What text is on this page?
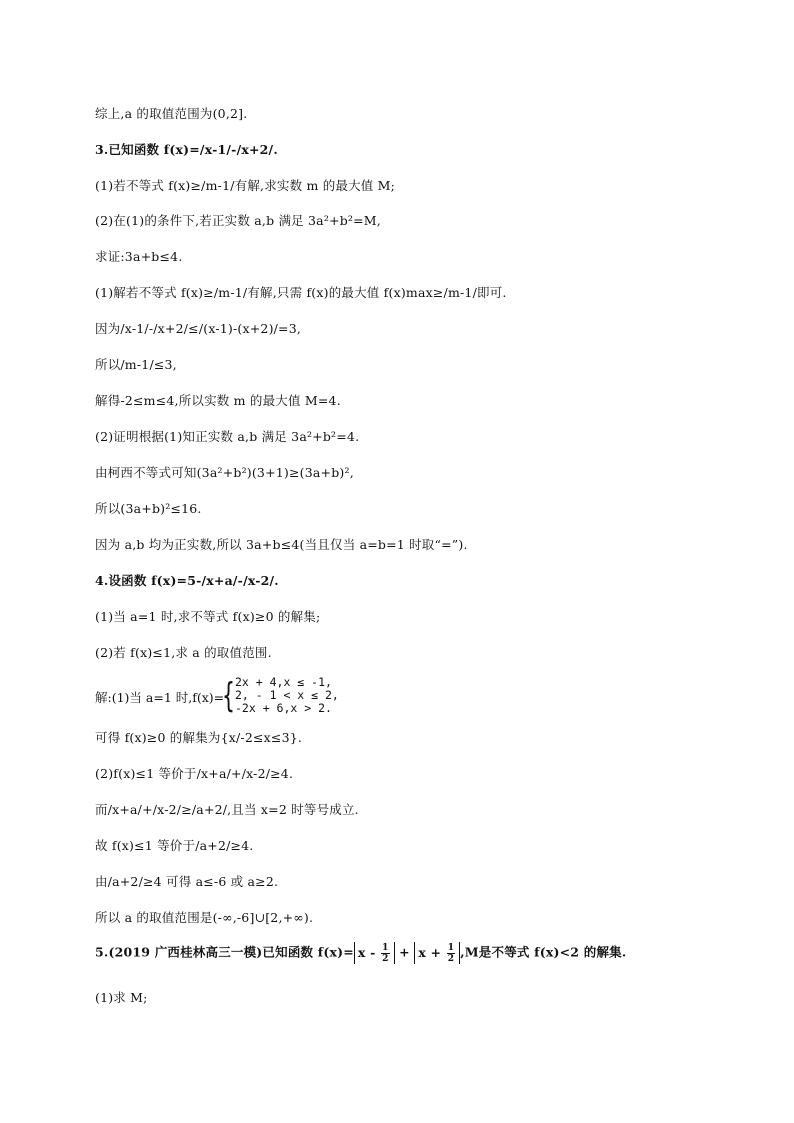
综上,a 的取值范围为(0,2].
3.已知函数 f(x)=/x-1/-/x+2/.
(1)若不等式 f(x)≥/m-1/有解,求实数 m 的最大值 M;
(2)在(1)的条件下,若正实数 a,b 满足 3a²+b²=M,
求证:3a+b≤4.
(1)解若不等式 f(x)≥/m-1/有解,只需 f(x)的最大值 f(x)max≥/m-1/即可.
因为/x-1/-/x+2/≤/(x-1)-(x+2)/=3,
所以/m-1/≤3,
解得-2≤m≤4,所以实数 m 的最大值 M=4.
(2)证明根据(1)知正实数 a,b 满足 3a²+b²=4.
由柯西不等式可知(3a²+b²)(3+1)≥(3a+b)²,
所以(3a+b)²≤16.
因为 a,b 均为正实数,所以 3a+b≤4(当且仅当 a=b=1 时取“=”).
4.设函数 f(x)=5-/x+a/-/x-2/.
(1)当 a=1 时,求不等式 f(x)≥0 的解集;
(2)若 f(x)≤1,求 a 的取值范围.
解:(1)当 a=1 时,f(x)=
{ 2x + 4,x ≤ -1,
2, - 1 < x ≤ 2,
-2x + 6,x > 2.
可得 f(x)≥0 的解集为{x/-2≤x≤3}.
(2)f(x)≤1 等价于/x+a/+/x-2/≥4.
而/x+a/+/x-2/≥/a+2/,且当 x=2 时等号成立.
故 f(x)≤1 等价于/a+2/≥4.
由/a+2/≥4 可得 a≤-6 或 a≥2.
所以 a 的取值范围是(-∞,-6]∪[2,+∞).
5.(2019 广西桂林高三一模)已知函数 $f(x)= x - \frac{1}{2} + x + \frac{1}{2} ,M$是不等式 f(x)<2 的解集.
(1)求 M;
